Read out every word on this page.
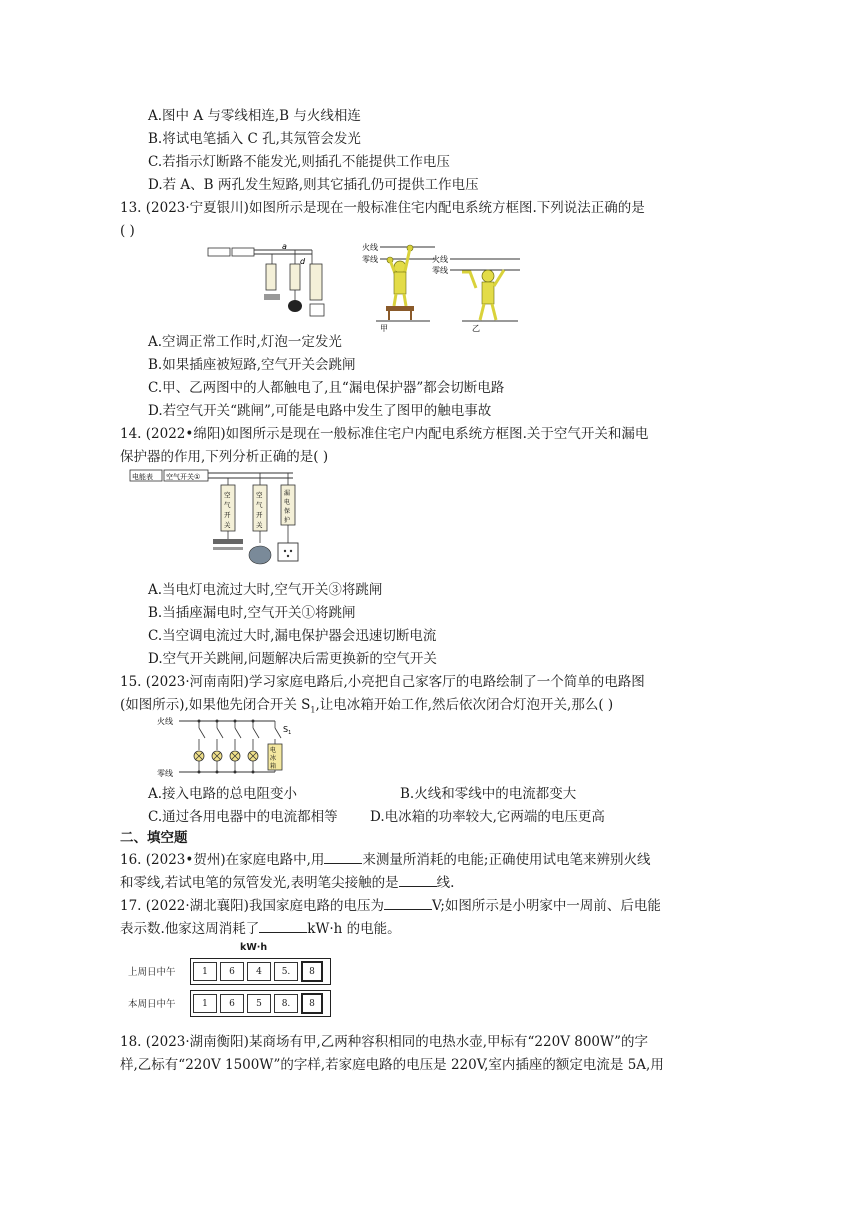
A.图中 A 与零线相连,B 与火线相连
B.将试电笔插入 C 孔,其氖管会发光
C.若指示灯断路不能发光,则插孔不能提供工作电压
D.若 A、B 两孔发生短路,则其它插孔仍可提供工作电压
13. (2023·宁夏银川)如图所示是现在一般标准住宅内配电系统方框图.下列说法正确的是
( )
a
d
火线
零线
甲
火线
零线
乙
A.空调正常工作时,灯泡一定发光
B.如果插座被短路,空气开关会跳闸
C.甲、乙两图中的人都触电了,且“漏电保护器”都会切断电路
D.若空气开关“跳闸”,可能是电路中发生了图甲的触电事故
14. (2022•绵阳)如图所示是现在一般标准住宅户内配电系统方框图.关于空气开关和漏电
保护器的作用,下列分析正确的是( )
电能表 空气开关①
空
气
开
关
空
气
开
关
漏
电
保
护
A.当电灯电流过大时,空气开关③将跳闸
B.当插座漏电时,空气开关①将跳闸
C.当空调电流过大时,漏电保护器会迅速切断电流
D.空气开关跳闸,问题解决后需更换新的空气开关
15. (2023·河南南阳)学习家庭电路后,小亮把自己家客厅的电路绘制了一个简单的电路图
(如图所示),如果他先闭合开关 $S_1$,让电冰箱开始工作,然后依次闭合灯泡开关,那么( )
火线
零线
$S_1$
电
冰
箱
A.接入电路的总电阻变小	B.火线和零线中的电流都变大
C.通过各用电器中的电流都相等 D.电冰箱的功率较大,它两端的电压更高
二、填空题
16. (2023•贺州)在家庭电路中,用	来测量所消耗的电能;正确使用试电笔来辨别火线
和零线,若试电笔的氖管发光,表明笔尖接触的是	线.
17. (2022·湖北襄阳)我国家庭电路的电压为	V;如图所示是小明家中一周前、后电能
表示数.他家这周消耗了	kW·h 的电能。
kW·h
上周日中午	1	6	4	5.	8
本周日中午	1	6	5	8.	8
18. (2023·湖南衡阳)某商场有甲,乙两种容积相同的电热水壶,甲标有“220V 800W”的字
样,乙标有“220V 1500W”的字样,若家庭电路的电压是 220V,室内插座的额定电流是 5A,用
